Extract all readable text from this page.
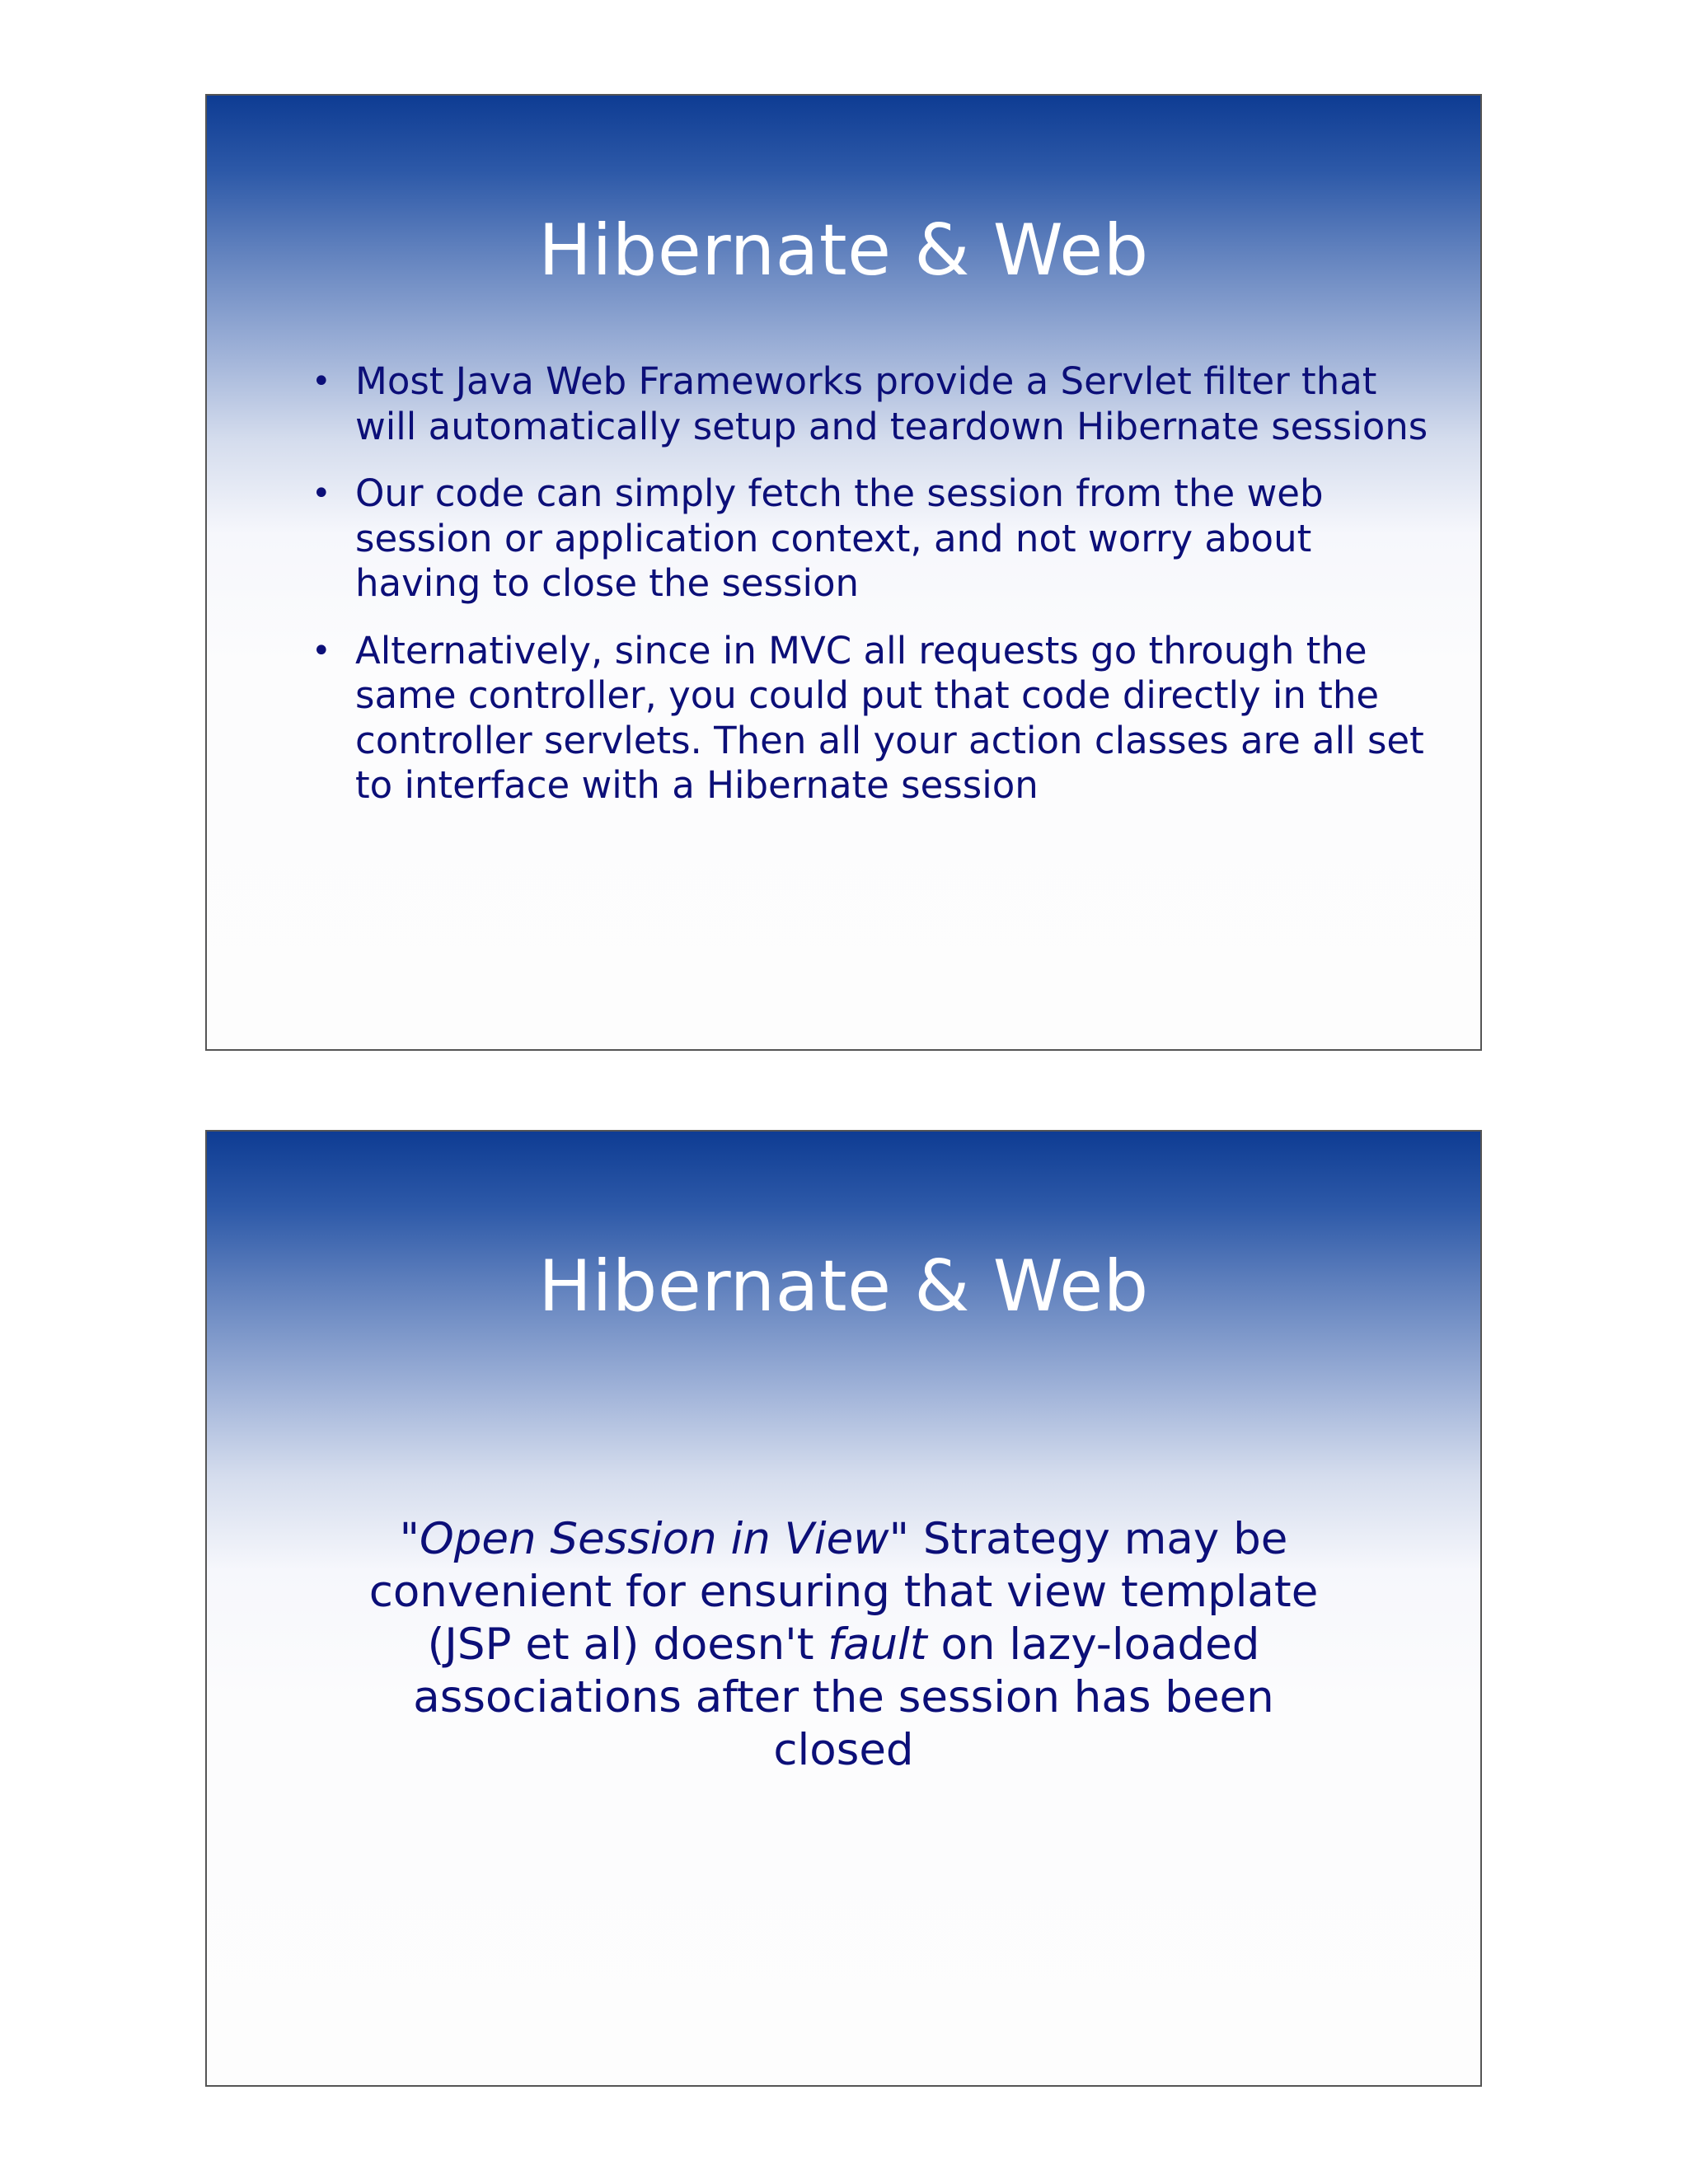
Hibernate & Web
• Most Java Web Frameworks provide a Servlet filter that will automatically setup and teardown Hibernate sessions
• Our code can simply fetch the session from the web session or application context, and not worry about having to close the session
• Alternatively, since in MVC all requests go through the same controller, you could put that code directly in the controller servlets. Then all your action classes are all set to interface with a Hibernate session
Hibernate & Web

"Open Session in View" Strategy may be convenient for ensuring that view template (JSP et al) doesn't fault on lazy-loaded associations after the session has been closed
